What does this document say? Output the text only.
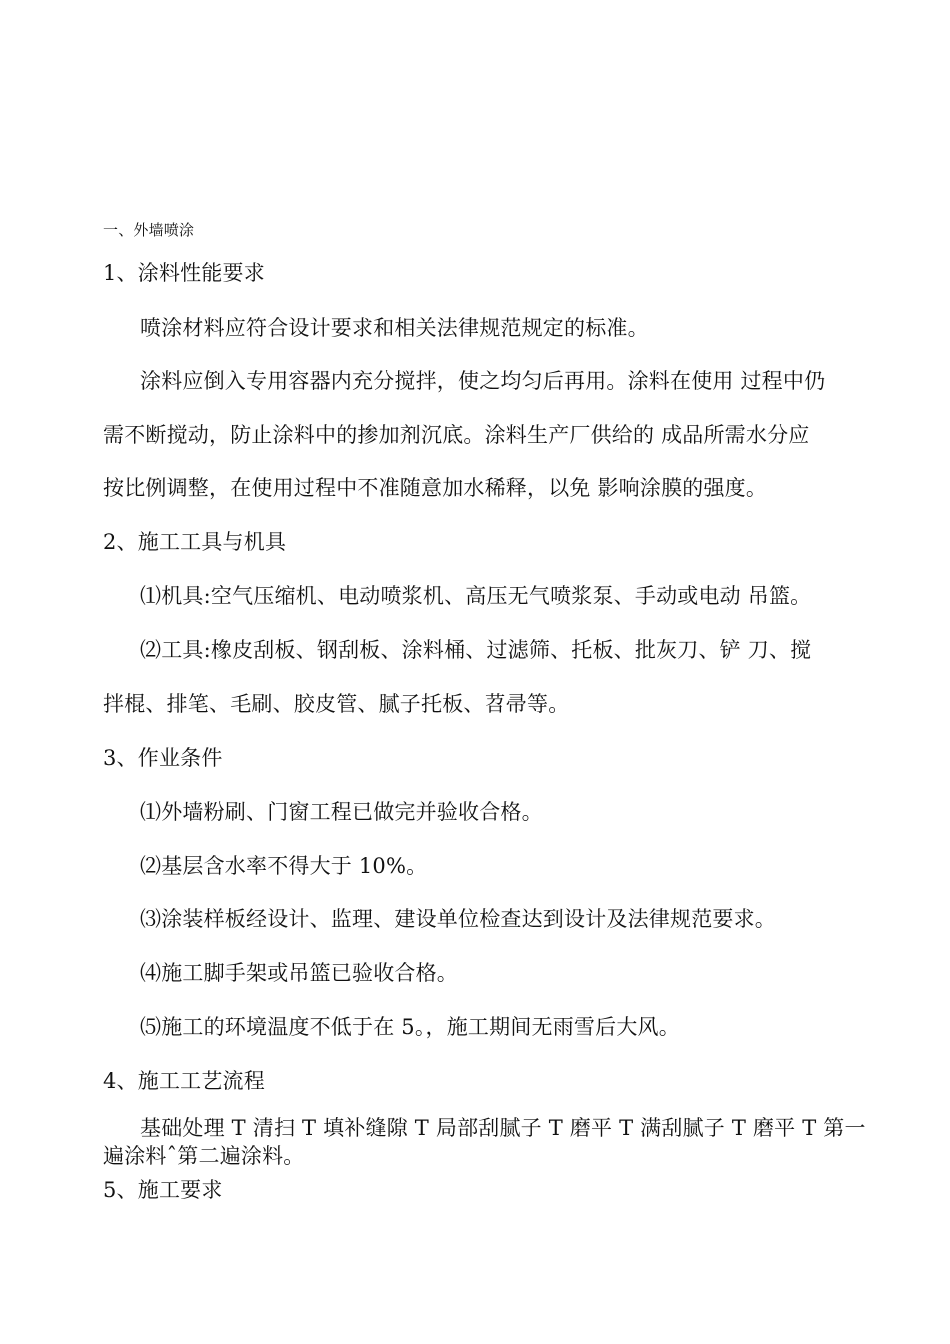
一、外墙喷涂
1、涂料性能要求
喷涂材料应符合设计要求和相关法律规范规定的标准。
涂料应倒入专用容器内充分搅拌，使之均匀后再用。涂料在使用 过程中仍
需不断搅动，防止涂料中的掺加剂沉底。涂料生产厂供给的 成品所需水分应
按比例调整，在使用过程中不准随意加水稀释，以免 影响涂膜的强度。
2、施工工具与机具
⑴机具:空气压缩机、电动喷浆机、高压无气喷浆泵、手动或电动 吊篮。
⑵工具:橡皮刮板、钢刮板、涂料桶、过滤筛、托板、批灰刀、铲 刀、搅
拌棍、排笔、毛刷、胶皮管、腻子托板、苕帚等。
3、作业条件
⑴外墙粉刷、门窗工程已做完并验收合格。
⑵基层含水率不得大于 10%。
⑶涂装样板经设计、监理、建设单位检查达到设计及法律规范要求。
⑷施工脚手架或吊篮已验收合格。
⑸施工的环境温度不低于在 5。，施工期间无雨雪后大风。
4、施工工艺流程
基础处理 T 清扫 T 填补缝隙 T 局部刮腻子 T 磨平 T 满刮腻子 T 磨平 T 第一
遍涂料ˆ第二遍涂料。
5、施工要求
